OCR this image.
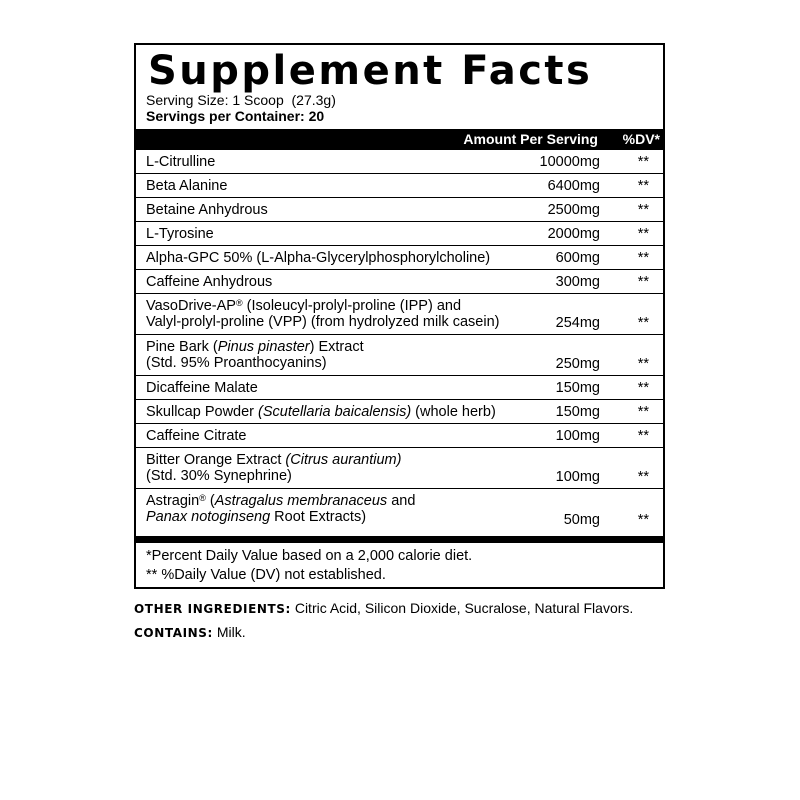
Supplement Facts
Serving Size: 1 Scoop  (27.3g)
Servings per Container: 20
Amount Per Serving %DV*
L-Citrulline	10000mg	**
Beta Alanine	6400mg	**
Betaine Anhydrous	2500mg	**
L-Tyrosine	2000mg	**
Alpha-GPC 50% (L-Alpha-Glycerylphosphorylcholine)	600mg	**
Caffeine Anhydrous	300mg	**
VasoDrive-AP® (Isoleucyl-prolyl-proline (IPP) and
Valyl-prolyl-proline (VPP) (from hydrolyzed milk casein)	254mg	**
Pine Bark (Pinus pinaster) Extract
(Std. 95% Proanthocyanins)	250mg	**
Dicaffeine Malate	150mg	**
Skullcap Powder (Scutellaria baicalensis) (whole herb)	150mg	**
Caffeine Citrate	100mg	**
Bitter Orange Extract (Citrus aurantium)
(Std. 30% Synephrine)	100mg	**
Astragin® (Astragalus membranaceus and
Panax notoginseng Root Extracts)	50mg	**
*Percent Daily Value based on a 2,000 calorie diet.
** %Daily Value (DV) not established.
OTHER INGREDIENTS: Citric Acid, Silicon Dioxide, Sucralose, Natural Flavors.
CONTAINS: Milk.
